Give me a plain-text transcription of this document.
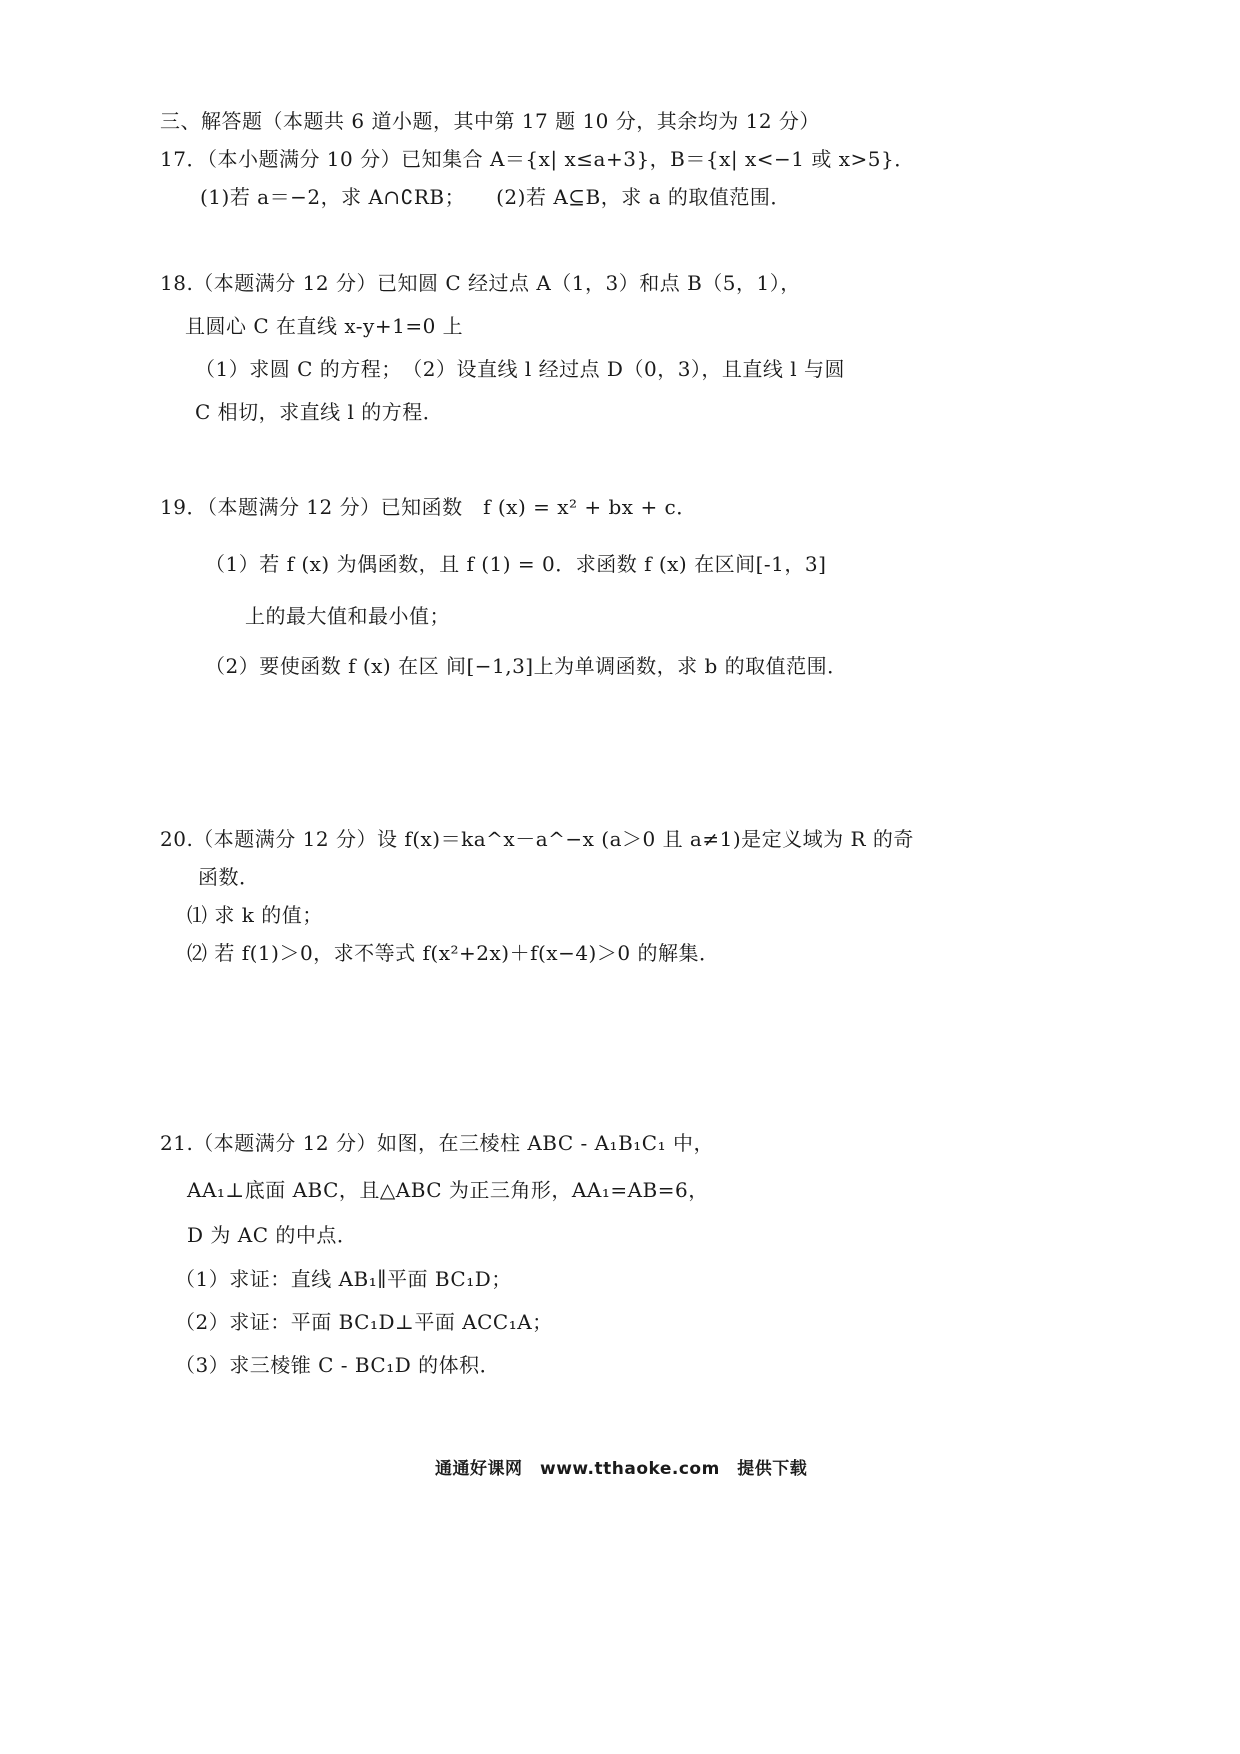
三、解答题（本题共 6 道小题，其中第 17 题 10 分，其余均为 12 分）
17．（本小题满分 10 分）已知集合 A＝{x| x≤a+3}，B＝{x| x<−1 或 x>5}．
(1)若 a＝−2，求 A∩∁RB；　　(2)若 A⊆B，求 a 的取值范围．
18.（本题满分 12 分）已知圆 C 经过点 A（1，3）和点 B（5，1），
且圆心 C 在直线 x-y+1=0 上
（1）求圆 C 的方程；　（2）设直线 l 经过点 D（0，3），且直线 l 与圆
C 相切，求直线 l 的方程．
19．（本题满分 12 分）已知函数　f (x) = x² + bx + c．
（1）若 f (x) 为偶函数，且 f (1) = 0．求函数 f (x) 在区间[-1，3]
上的最大值和最小值；
（2）要使函数 f (x) 在区 间[−1,3]上为单调函数，求 b 的取值范围．
20.（本题满分 12 分）设 f(x)＝ka^x－a^−x (a＞0 且 a≠1)是定义域为 R 的奇
函数．
⑴ 求 k 的值；
⑵ 若 f(1)＞0，求不等式 f(x²+2x)＋f(x−4)＞0 的解集．
21.（本题满分 12 分）如图，在三棱柱 ABC - A₁B₁C₁ 中，
AA₁⊥底面 ABC，且△ABC 为正三角形，AA₁=AB=6，
D 为 AC 的中点．
（1）求证：直线 AB₁∥平面 BC₁D；
（2）求证：平面 BC₁D⊥平面 ACC₁A；
（3）求三棱锥 C - BC₁D 的体积．
通通好课网　www.tthaoke.com　提供下载
